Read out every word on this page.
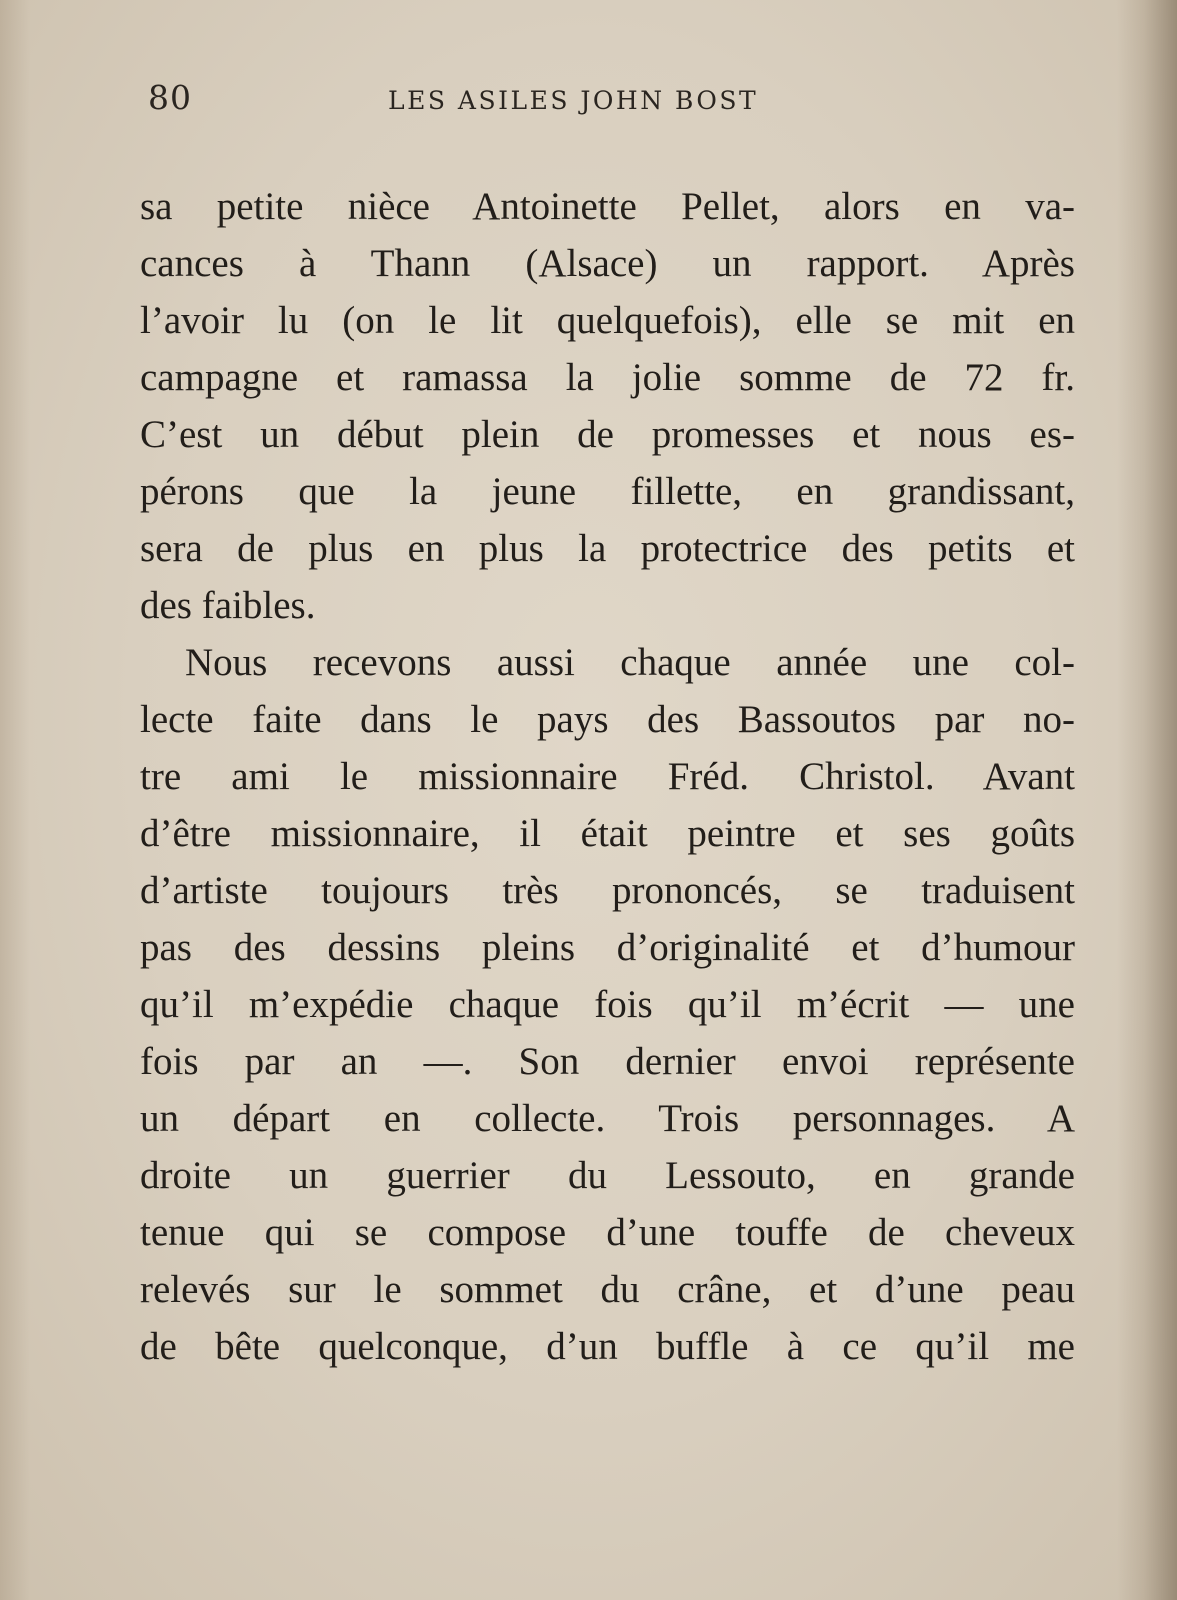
80	LES ASILES JOHN BOST
sa petite nièce Antoinette Pellet, alors en va-
cances à Thann (Alsace) un rapport. Après
l’avoir lu (on le lit quelquefois), elle se mit en
campagne et ramassa la jolie somme de 72 fr.
C’est un début plein de promesses et nous es-
pérons que la jeune fillette, en grandissant,
sera de plus en plus la protectrice des petits et
des faibles.
Nous recevons aussi chaque année une col-
lecte faite dans le pays des Bassoutos par no-
tre ami le missionnaire Fréd. Christol. Avant
d’être missionnaire, il était peintre et ses goûts
d’artiste toujours très prononcés, se traduisent
pas des dessins pleins d’originalité et d’humour
qu’il m’expédie chaque fois qu’il m’écrit — une
fois par an —. Son dernier envoi représente
un départ en collecte. Trois personnages. A
droite un guerrier du Lessouto, en grande
tenue qui se compose d’une touffe de cheveux
relevés sur le sommet du crâne, et d’une peau
de bête quelconque, d’un buffle à ce qu’il me
